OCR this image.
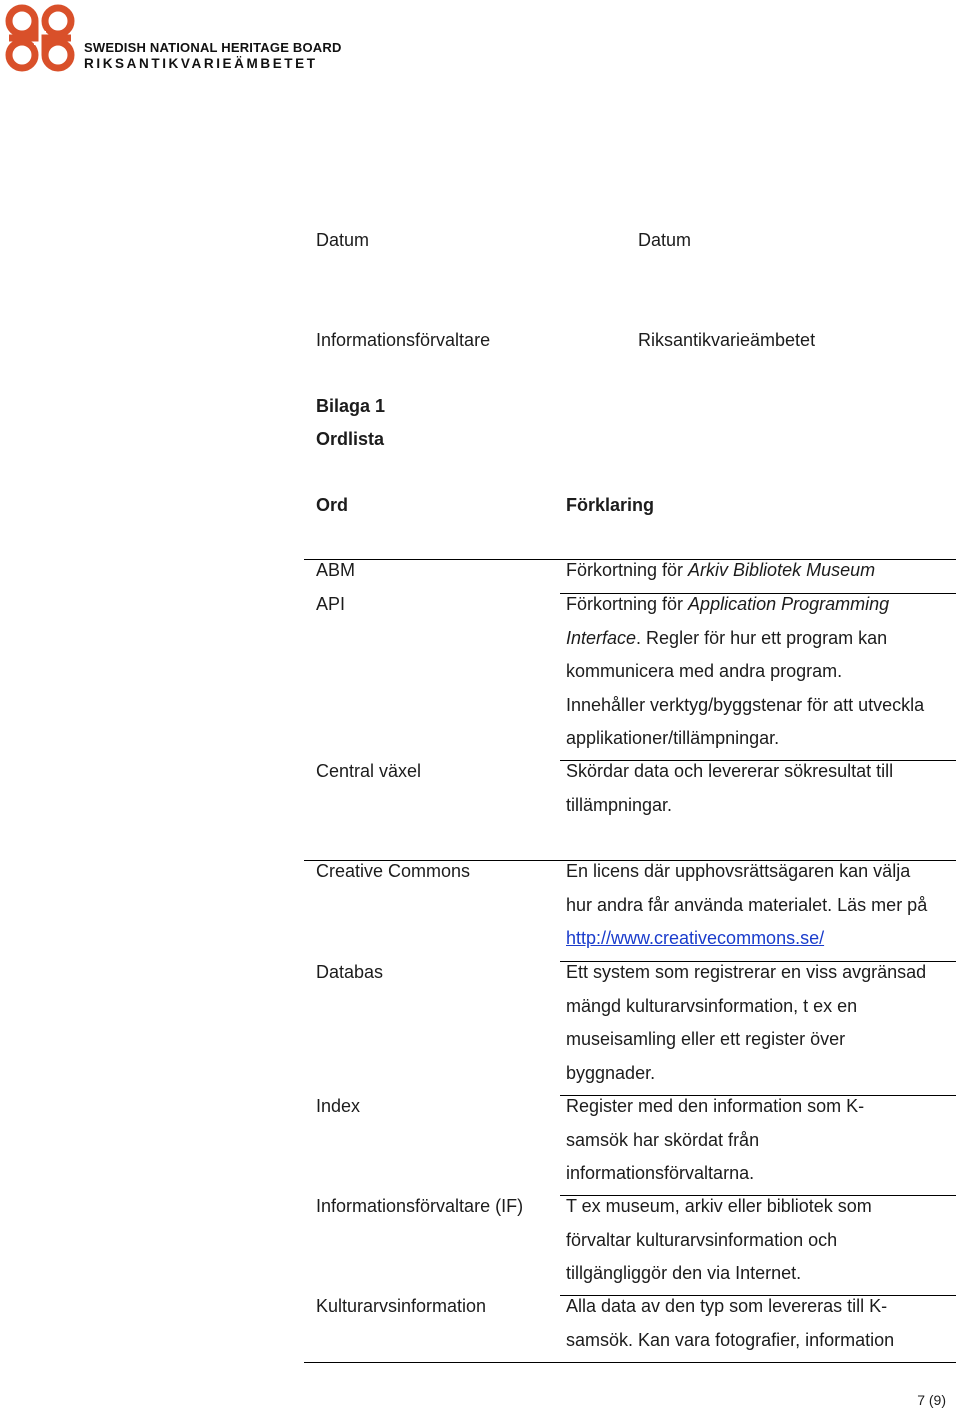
SWEDISH NATIONAL HERITAGE BOARD
RIKSANTIKVARIEÄMBETET
Datum	Datum
Informationsförvaltare	Riksantikvarieämbetet
Bilaga 1
Ordlista
Ord	Förklaring
ABM	Förkortning för Arkiv Bibliotek Museum
API	Förkortning för Application Programming Interface. Regler för hur ett program kan kommunicera med andra program. Innehåller verktyg/byggstenar för att utveckla applikationer/tillämpningar.
Central växel	Skördar data och levererar sökresultat till tillämpningar.
Creative Commons	En licens där upphovsrättsägaren kan välja hur andra får använda materialet. Läs mer på http://www.creativecommons.se/
Databas	Ett system som registrerar en viss avgränsad mängd kulturarvsinformation, t ex en museisamling eller ett register över byggnader.
Index	Register med den information som K-samsök har skördat från informationsförvaltarna.
Informationsförvaltare (IF)	T ex museum, arkiv eller bibliotek som förvaltar kulturarvsinformation och tillgängliggör den via Internet.
Kulturarvsinformation	Alla data av den typ som levereras till K-samsök. Kan vara fotografier, information
7 (9)
